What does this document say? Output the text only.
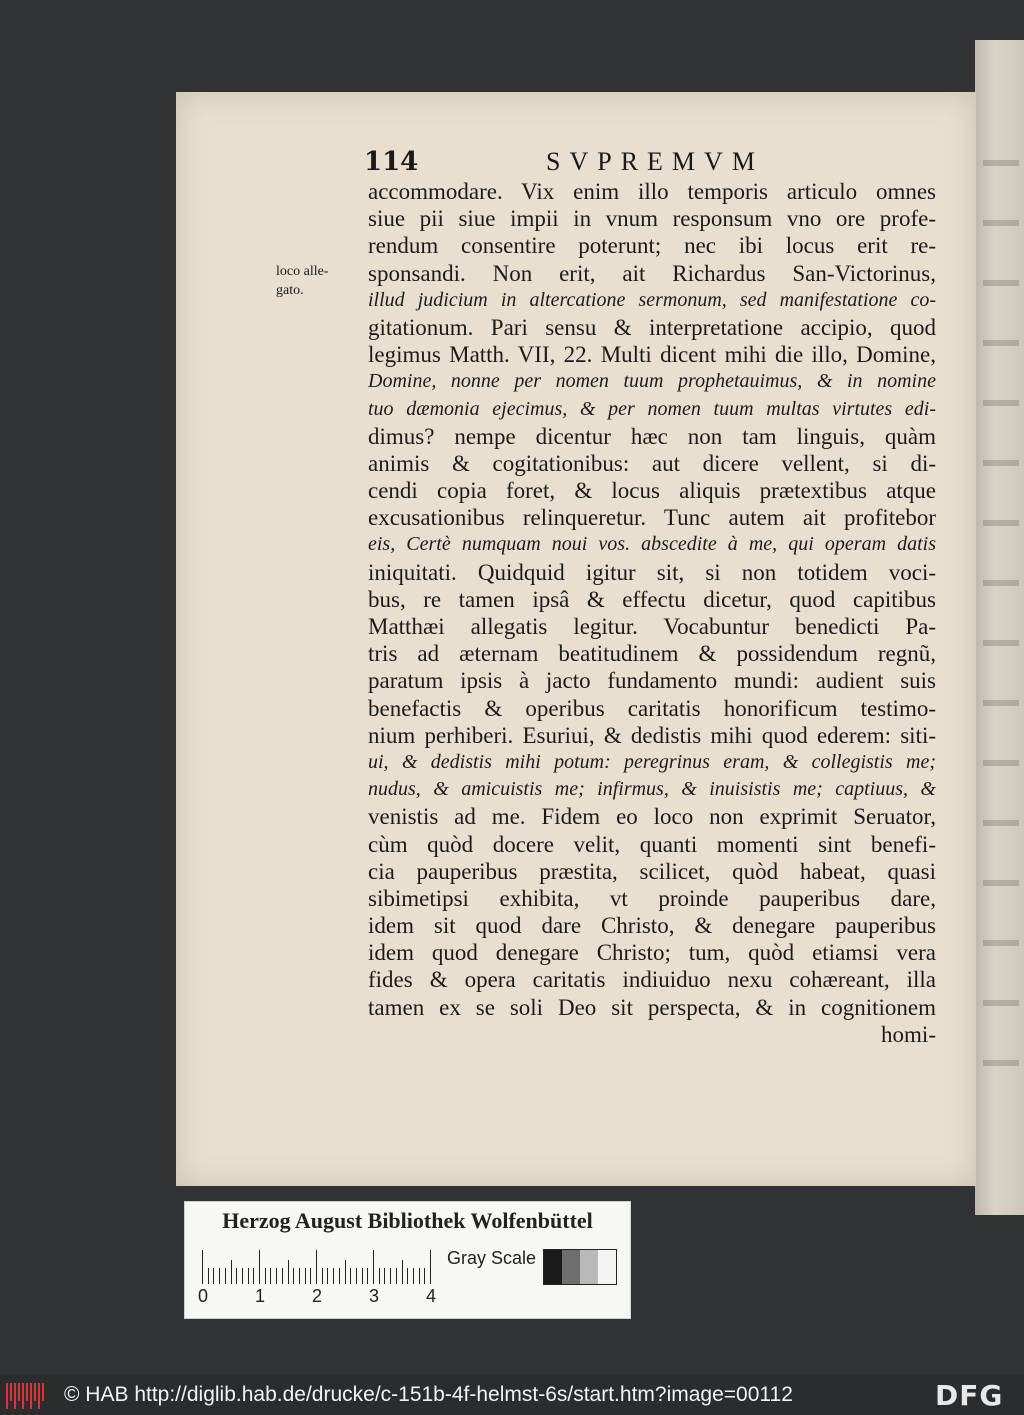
114	SVPREMVM
loco alle-
gato.
accommodare. Vix enim illo temporis articulo omnes
siue pii siue impii in vnum responsum vno ore profe-
rendum consentire poterunt; nec ibi locus erit re-
sponsandi. Non erit, ait Richardus San-Victorinus,
illud judicium in altercatione sermonum, sed manifestatione co-
gitationum. Pari sensu & interpretatione accipio, quod
legimus Matth. VII, 22. Multi dicent mihi die illo, Domine,
Domine, nonne per nomen tuum prophetauimus, & in nomine
tuo dæmonia ejecimus, & per nomen tuum multas virtutes edi-
dimus? nempe dicentur hæc non tam linguis, quàm
animis & cogitationibus: aut dicere vellent, si di-
cendi copia foret, & locus aliquis prætextibus atque
excusationibus relinqueretur. Tunc autem ait profitebor
eis, Certè numquam noui vos. abscedite à me, qui operam datis
iniquitati. Quidquid igitur sit, si non totidem voci-
bus, re tamen ipsâ & effectu dicetur, quod capitibus
Matthæi allegatis legitur. Vocabuntur benedicti Pa-
tris ad æternam beatitudinem & possidendum regnũ,
paratum ipsis à jacto fundamento mundi: audient suis
benefactis & operibus caritatis honorificum testimo-
nium perhiberi. Esuriui, & dedistis mihi quod ederem: siti-
ui, & dedistis mihi potum: peregrinus eram, & collegistis me;
nudus, & amicuistis me; infirmus, & inuisistis me; captiuus, &
venistis ad me. Fidem eo loco non exprimit Seruator,
cùm quòd docere velit, quanti momenti sint benefi-
cia pauperibus præstita, scilicet, quòd habeat, quasi
sibimetipsi exhibita, vt proinde pauperibus dare,
idem sit quod dare Christo, & denegare pauperibus
idem quod denegare Christo; tum, quòd etiamsi vera
fides & opera caritatis indiuiduo nexu cohæreant, illa
tamen ex se soli Deo sit perspecta, & in cognitionem
homi-
Herzog August Bibliothek Wolfenbüttel
0	1	2	3	4
Gray Scale
© HAB http://diglib.hab.de/drucke/c-151b-4f-helmst-6s/start.htm?image=00112	DFG
